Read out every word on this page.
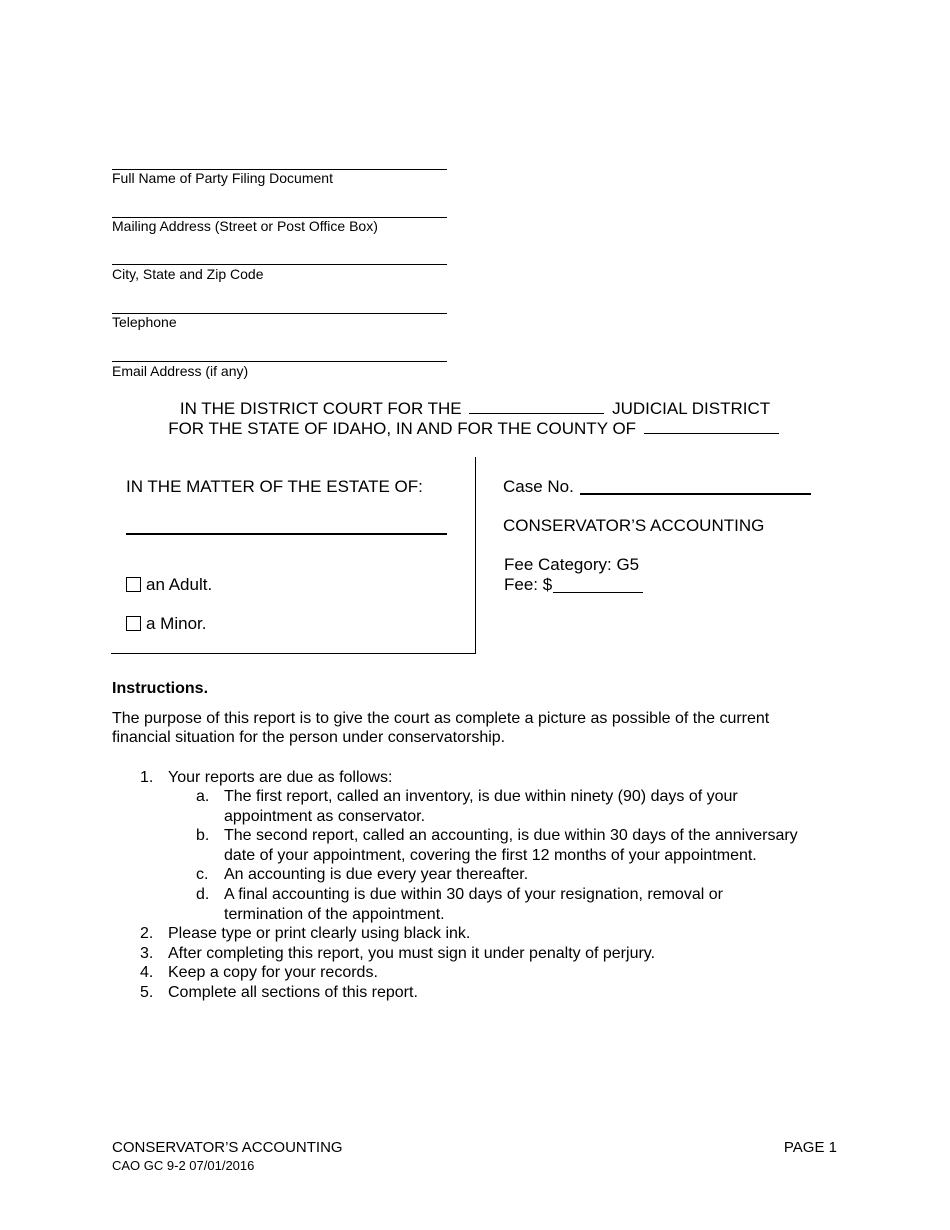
Full Name of Party Filing Document
Mailing Address (Street or Post Office Box)
City, State and Zip Code
Telephone
Email Address (if any)
IN THE DISTRICT COURT FOR THE	JUDICIAL DISTRICT
FOR THE STATE OF IDAHO, IN AND FOR THE COUNTY OF
IN THE MATTER OF THE ESTATE OF:
an Adult.
a Minor.
Case No.
CONSERVATOR’S ACCOUNTING
Fee Category: G5
Fee: $
Instructions.
The purpose of this report is to give the court as complete a picture as possible of the current
financial situation for the person under conservatorship.
1. Your reports are due as follows:
a. The first report, called an inventory, is due within ninety (90) days of your
appointment as conservator.
b. The second report, called an accounting, is due within 30 days of the anniversary
date of your appointment, covering the first 12 months of your appointment.
c. An accounting is due every year thereafter.
d. A final accounting is due within 30 days of your resignation, removal or
termination of the appointment.
2. Please type or print clearly using black ink.
3. After completing this report, you must sign it under penalty of perjury.
4. Keep a copy for your records.
5. Complete all sections of this report.
CONSERVATOR’S ACCOUNTING
CAO GC 9-2 07/01/2016
PAGE 1
